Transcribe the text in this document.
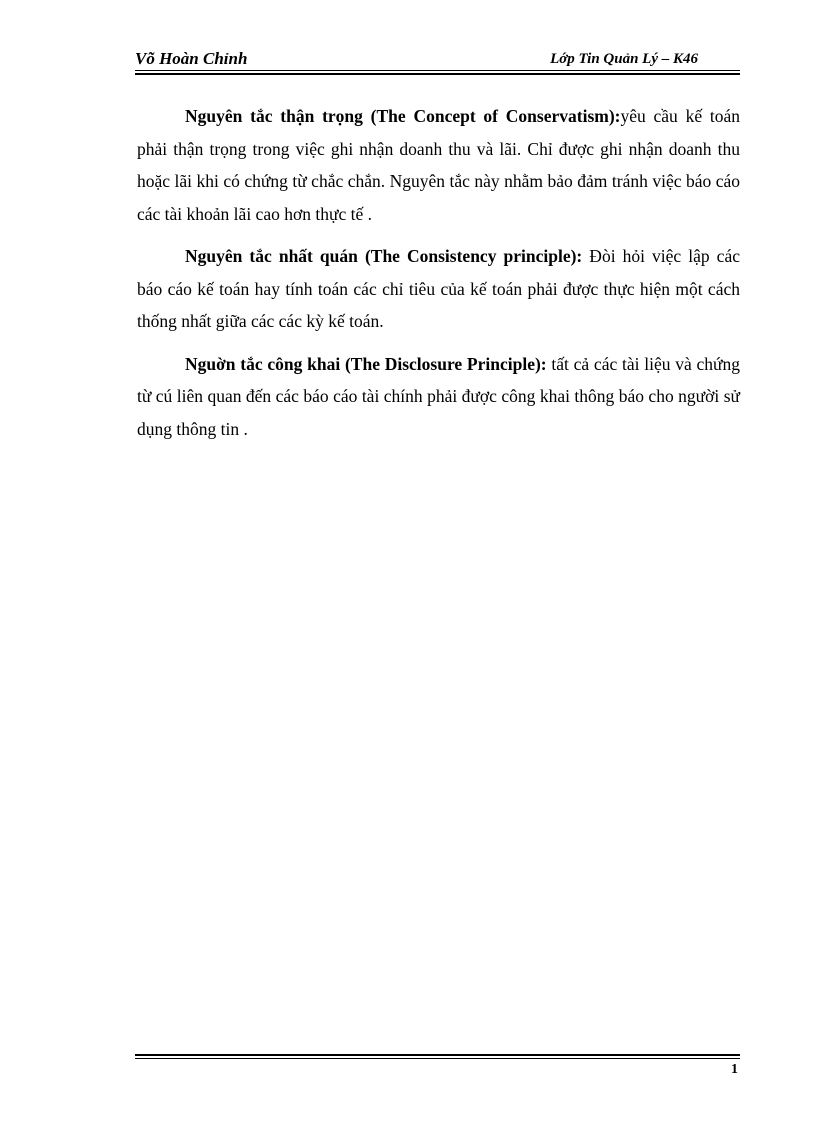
Võ Hoàn Chỉnh	Lớp Tin Quản Lý – K46

Nguyên tắc thận trọng (The Concept of Conservatism):yêu cầu kế toán phải thận trọng trong việc ghi nhận doanh thu và lãi. Chỉ được ghi nhận doanh thu hoặc lãi khi có chứng từ chắc chắn. Nguyên tắc này nhằm bảo đảm tránh việc báo cáo các tài khoản lãi cao hơn thực tế .

Nguyên tắc nhất quán (The Consistency principle): Đòi hỏi việc lập các báo cáo kế toán hay tính toán các chỉ tiêu của kế toán phải được thực hiện một cách thống nhất giữa các các kỳ kế toán.

Nguờn tắc công khai (The Disclosure Principle): tất cả các tài liệu và chứng từ cú liên quan đến các báo cáo tài chính phải được công khai thông báo cho người sử dụng thông tin .

1
